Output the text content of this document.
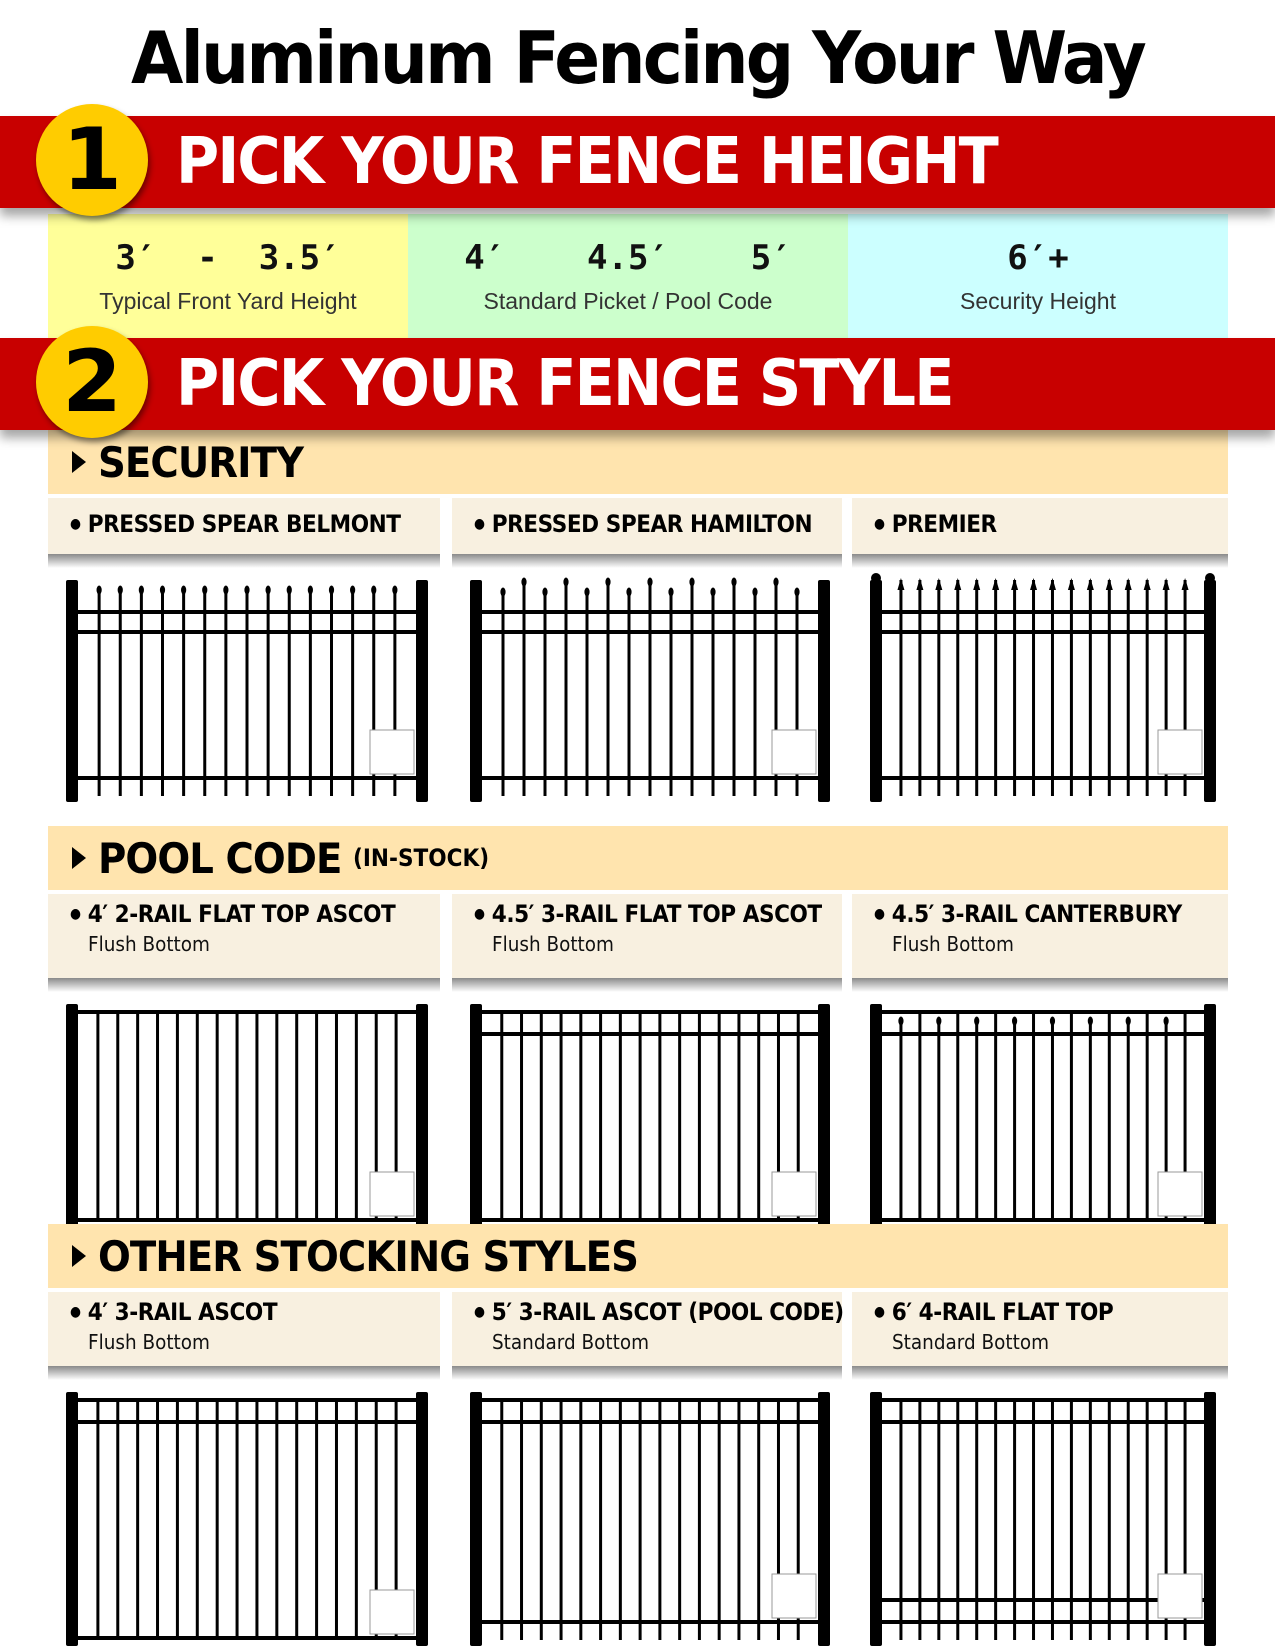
Aluminum Fencing Your Way
PICK YOUR FENCE HEIGHT
1
3′  -  3.5′
Typical Front Yard Height
4′    4.5′    5′
Standard Picket / Pool Code
6′+
Security Height
PICK YOUR FENCE STYLE
2
SECURITY
● PRESSED SPEAR BELMONT	● PRESSED SPEAR HAMILTON	● PREMIER
POOL CODE (IN-STOCK)
● 4′ 2-RAIL FLAT TOP ASCOT
Flush Bottom
● 4.5′ 3-RAIL FLAT TOP ASCOT
Flush Bottom
● 4.5′ 3-RAIL CANTERBURY
Flush Bottom
OTHER STOCKING STYLES
● 4′ 3-RAIL ASCOT
Flush Bottom
● 5′ 3-RAIL ASCOT (POOL CODE)
Standard Bottom
● 6′ 4-RAIL FLAT TOP
Standard Bottom
